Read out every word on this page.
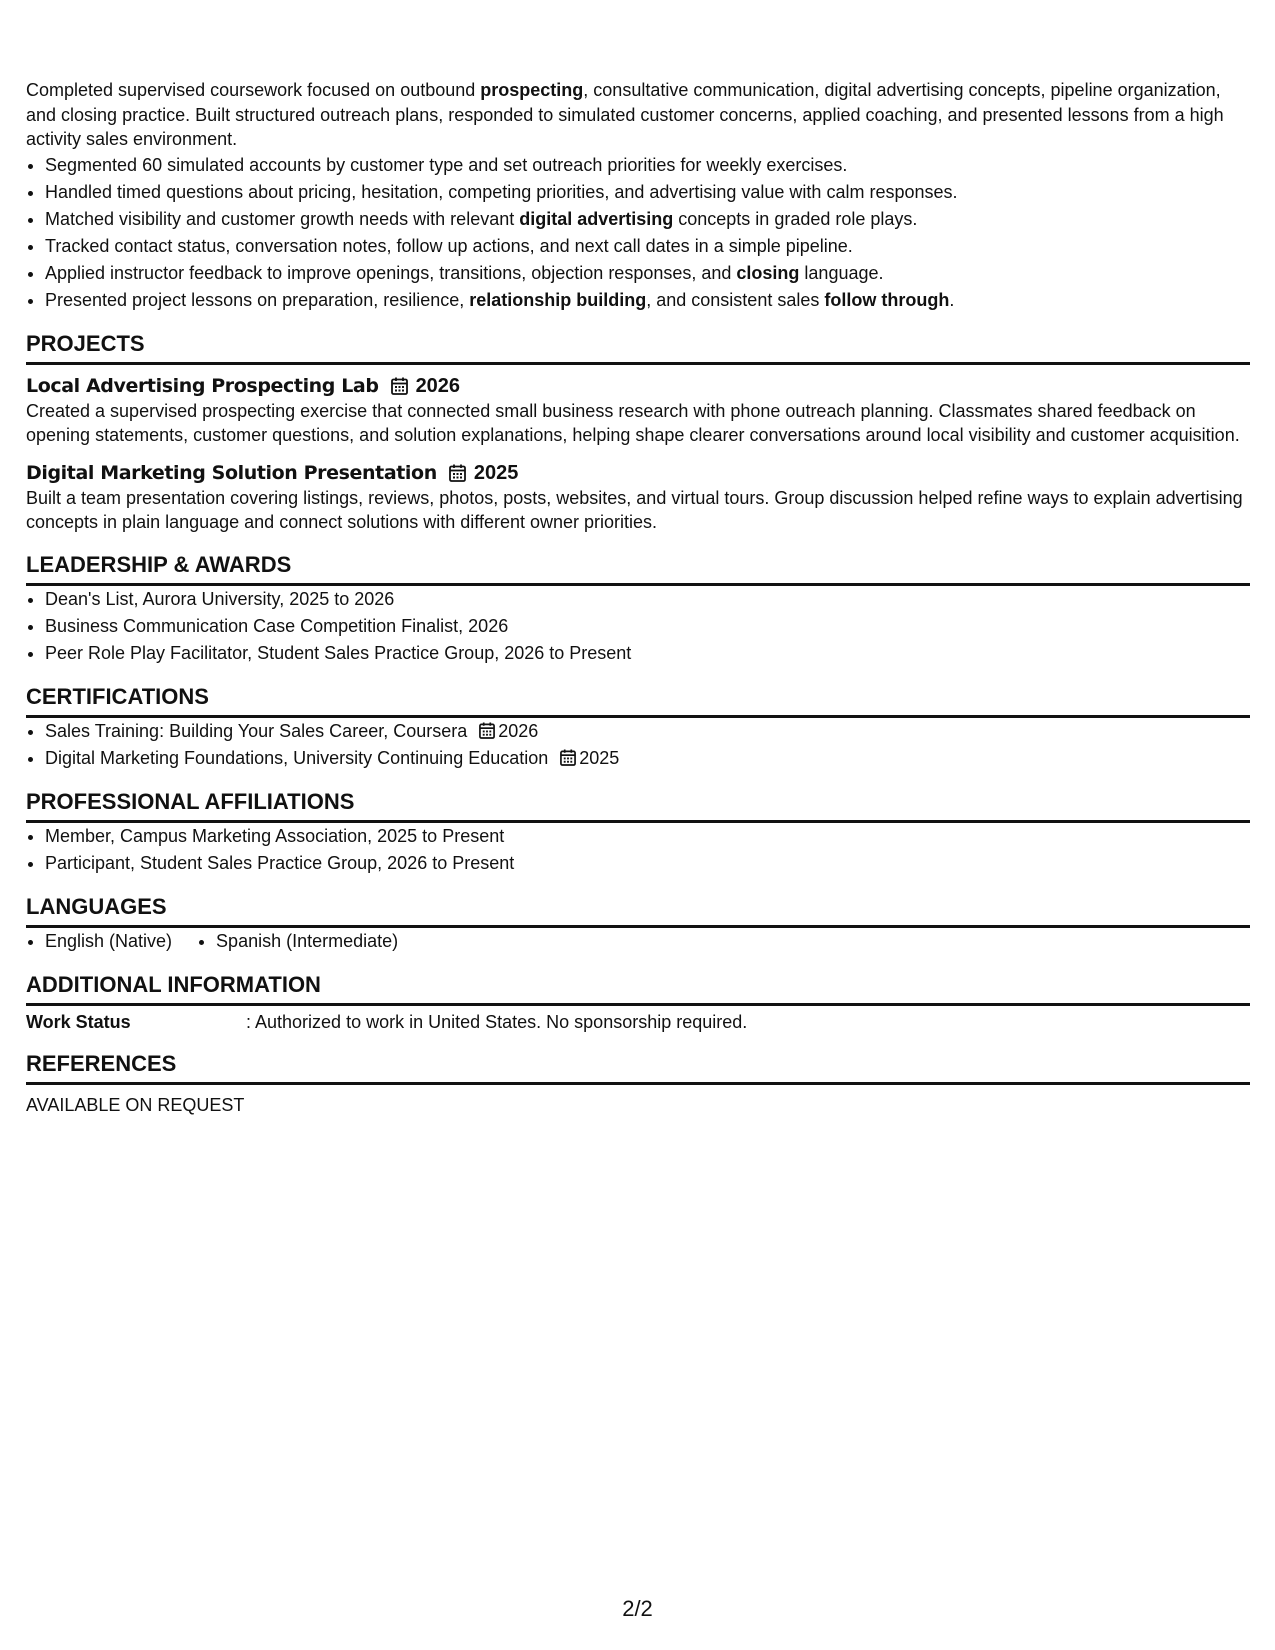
Completed supervised coursework focused on outbound prospecting, consultative communication, digital advertising concepts, pipeline organization, and closing practice. Built structured outreach plans, responded to simulated customer concerns, applied coaching, and presented lessons from a high activity sales environment.

• Segmented 60 simulated accounts by customer type and set outreach priorities for weekly exercises.
• Handled timed questions about pricing, hesitation, competing priorities, and advertising value with calm responses.
• Matched visibility and customer growth needs with relevant digital advertising concepts in graded role plays.
• Tracked contact status, conversation notes, follow up actions, and next call dates in a simple pipeline.
• Applied instructor feedback to improve openings, transitions, objection responses, and closing language.
• Presented project lessons on preparation, resilience, relationship building, and consistent sales follow through.
PROJECTS
Local Advertising Prospecting Lab 2026

Created a supervised prospecting exercise that connected small business research with phone outreach planning. Classmates shared feedback on opening statements, customer questions, and solution explanations, helping shape clearer conversations around local visibility and customer acquisition.

Digital Marketing Solution Presentation 2025

Built a team presentation covering listings, reviews, photos, posts, websites, and virtual tours. Group discussion helped refine ways to explain advertising concepts in plain language and connect solutions with different owner priorities.

LEADERSHIP & AWARDS
• Dean's List, Aurora University, 2025 to 2026
• Business Communication Case Competition Finalist, 2026
• Peer Role Play Facilitator, Student Sales Practice Group, 2026 to Present
CERTIFICATIONS
• Sales Training: Building Your Sales Career, Coursera 2026
• Digital Marketing Foundations, University Continuing Education 2025
PROFESSIONAL AFFILIATIONS
• Member, Campus Marketing Association, 2025 to Present
• Participant, Student Sales Practice Group, 2026 to Present
LANGUAGES
• English (Native)
• Spanish (Intermediate)
ADDITIONAL INFORMATION
Work Status	: Authorized to work in United States. No sponsorship required.
REFERENCES

AVAILABLE ON REQUEST

2/2
